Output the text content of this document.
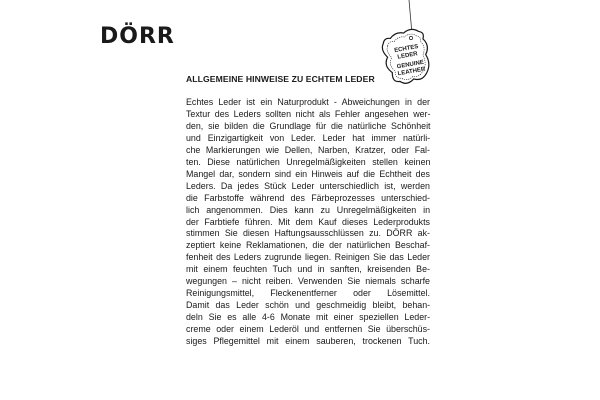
DÖRR
ECHTES
LEDER
GENUINE
LEATHER
ALLGEMEINE HINWEISE ZU ECHTEM LEDER
Echtes Leder ist ein Naturprodukt - Abweichungen in der
Textur des Leders sollten nicht als Fehler angesehen wer-
den, sie bilden die Grundlage für die natürliche Schönheit
und Einzigartigkeit von Leder. Leder hat immer natürli-
che Markierungen wie Dellen, Narben, Kratzer, oder Fal-
ten. Diese natürlichen Unregelmäßigkeiten stellen keinen
Mangel dar, sondern sind ein Hinweis auf die Echtheit des
Leders. Da jedes Stück Leder unterschiedlich ist, werden
die Farbstoffe während des Färbeprozesses unterschied-
lich angenommen. Dies kann zu Unregelmäßigkeiten in
der Farbtiefe führen. Mit dem Kauf dieses Lederprodukts
stimmen Sie diesen Haftungsausschlüssen zu. DÖRR ak-
zeptiert keine Reklamationen, die der natürlichen Beschaf-
fenheit des Leders zugrunde liegen. Reinigen Sie das Leder
mit einem feuchten Tuch und in sanften, kreisenden Be-
wegungen – nicht reiben. Verwenden Sie niemals scharfe
Reinigungsmittel, Fleckenentferner oder Lösemittel.
Damit das Leder schön und geschmeidig bleibt, behan-
deln Sie es alle 4-6 Monate mit einer speziellen Leder-
creme oder einem Lederöl und entfernen Sie überschüs-
siges Pflegemittel mit einem sauberen, trockenen Tuch.
